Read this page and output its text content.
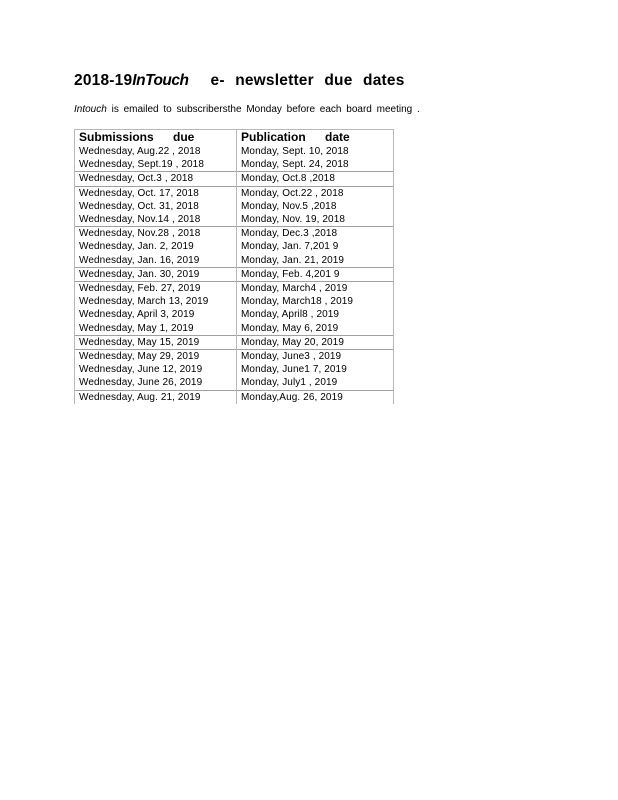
2018-19InTouch e- newsletter due dates
Intouch is emailed to subscribersthe Monday before each board meeting .
Submissions due	Publication date
Wednesday, Aug.22 , 2018	Monday, Sept. 10, 2018
Wednesday, Sept.19 , 2018	Monday, Sept. 24, 2018
Wednesday, Oct.3 , 2018	Monday, Oct.8 ,2018
Wednesday, Oct. 17, 2018	Monday, Oct.22 , 2018
Wednesday, Oct. 31, 2018	Monday, Nov.5 ,2018
Wednesday, Nov.14 , 2018	Monday, Nov. 19, 2018
Wednesday, Nov.28 , 2018	Monday, Dec.3 ,2018
Wednesday, Jan. 2, 2019	Monday, Jan. 7,201 9
Wednesday, Jan. 16, 2019	Monday, Jan. 21, 2019
Wednesday, Jan. 30, 2019	Monday, Feb. 4,201 9
Wednesday, Feb. 27, 2019	Monday, March4 , 2019
Wednesday, March 13, 2019	Monday, March18 , 2019
Wednesday, April 3, 2019	Monday, April8 , 2019
Wednesday, May 1, 2019	Monday, May 6, 2019
Wednesday, May 15, 2019	Monday, May 20, 2019
Wednesday, May 29, 2019	Monday, June3 , 2019
Wednesday, June 12, 2019	Monday, June1 7, 2019
Wednesday, June 26, 2019	Monday, July1 , 2019
Wednesday, Aug. 21, 2019	Monday,Aug. 26, 2019
